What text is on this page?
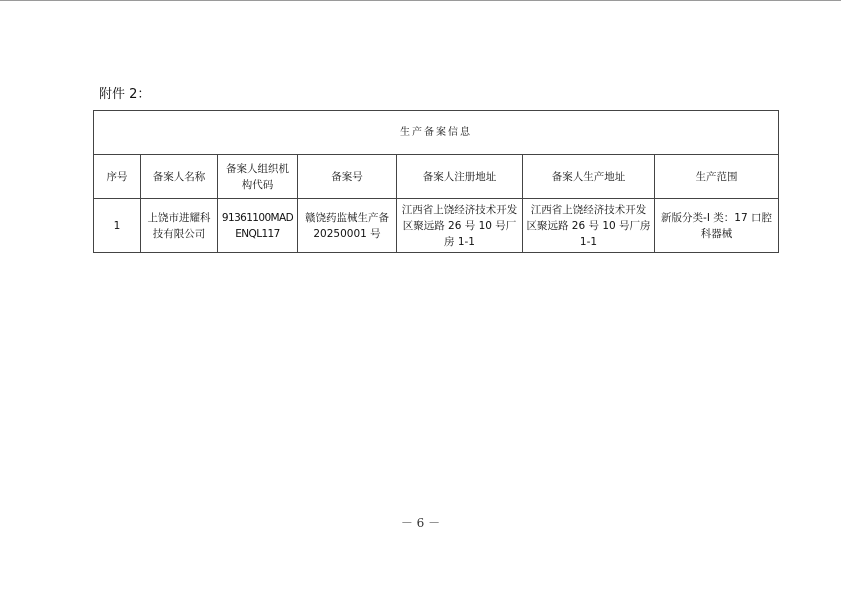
附件 2：
生产备案信息						
序号	备案人名称	备案人组织机构代码	备案号	备案人注册地址	备案人生产地址	生产范围
1	上饶市进耀科技有限公司	91361100MADENQL117	赣饶药监械生产备 20250001 号	江西省上饶经济技术开发区聚远路 26 号 10 号厂房 1-1	江西省上饶经济技术开发区聚远路 26 号 10 号厂房 1-1	新版分类-Ⅰ 类：17 口腔科器械
－ 6 －
